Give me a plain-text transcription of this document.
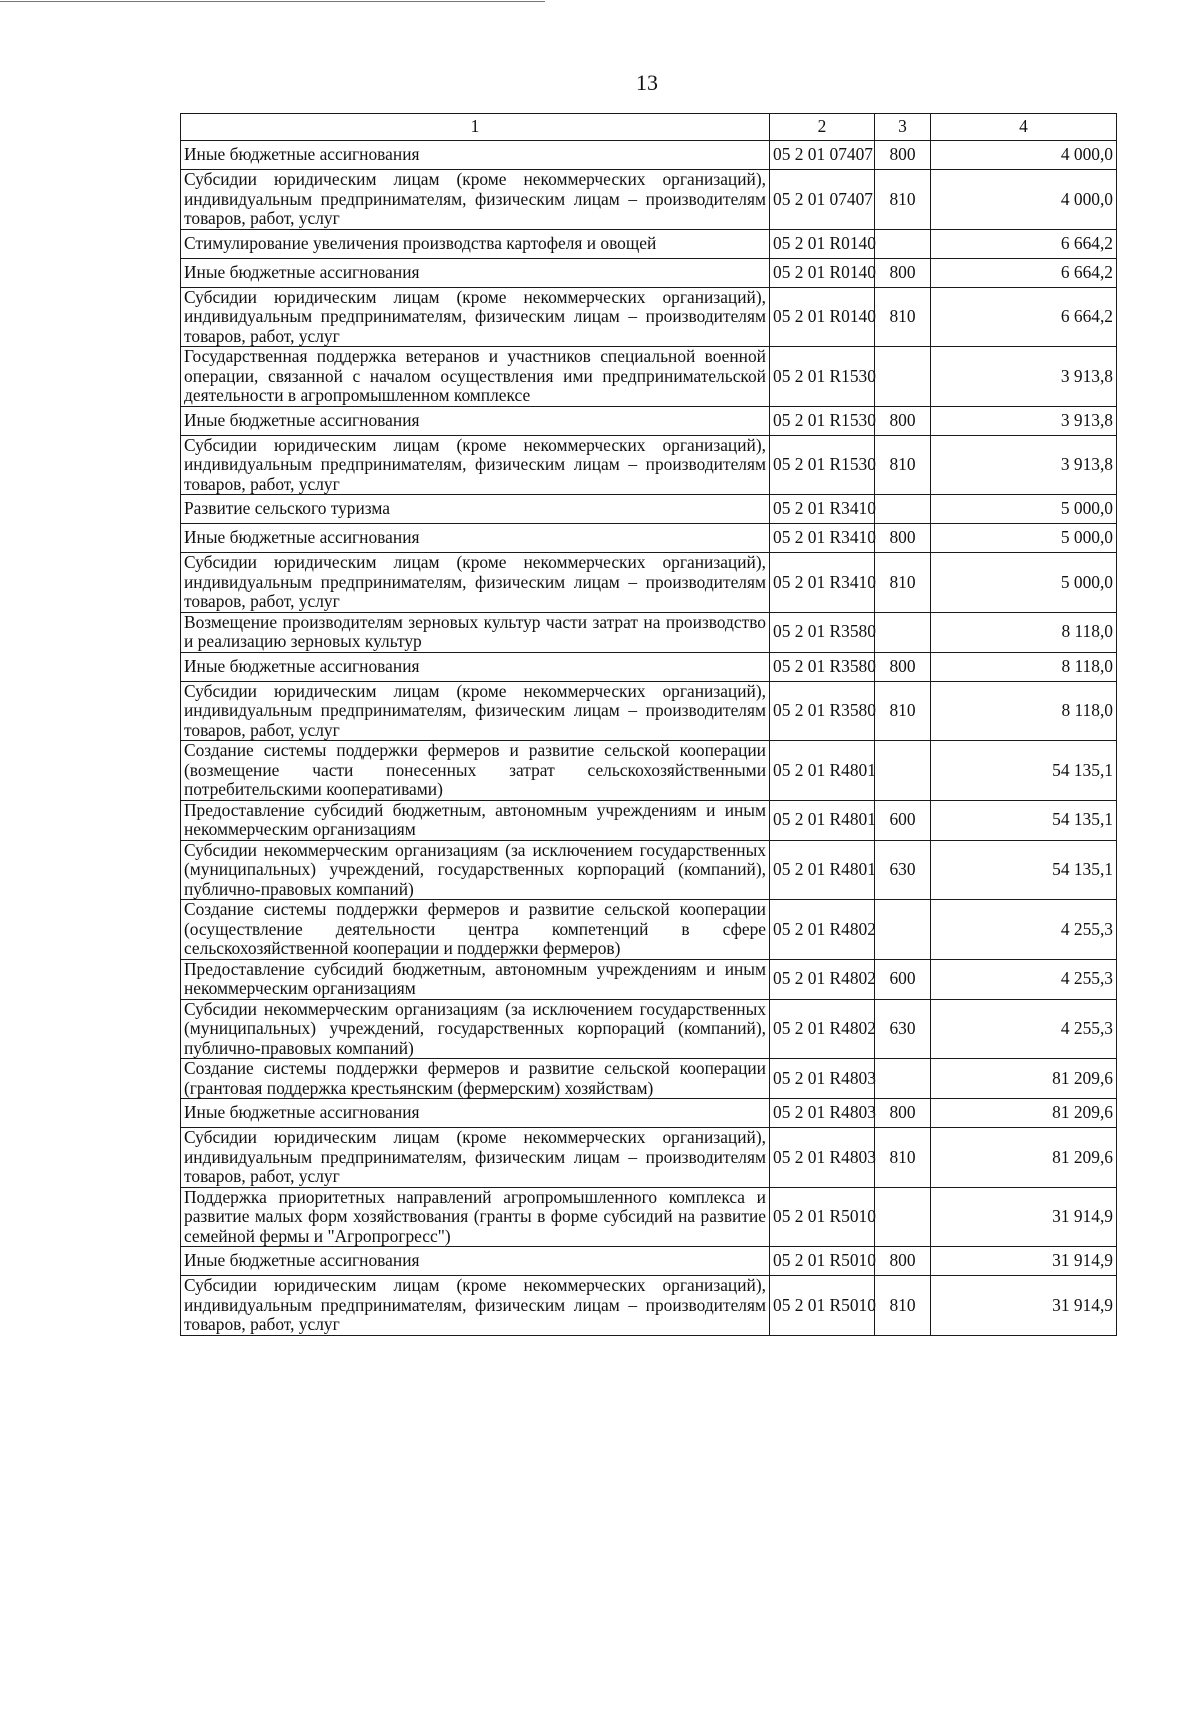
13
1	2	3	4
Иные бюджетные ассигнования	05 2 01 07407	800	4 000,0
Субсидии юридическим лицам (кроме некоммерческих организаций), индивидуальным предпринимателям, физическим лицам – производителям товаров, работ, услуг	05 2 01 07407	810	4 000,0
Стимулирование увеличения производства картофеля и овощей	05 2 01 R0140		6 664,2
Иные бюджетные ассигнования	05 2 01 R0140	800	6 664,2
Субсидии юридическим лицам (кроме некоммерческих организаций), индивидуальным предпринимателям, физическим лицам – производителям товаров, работ, услуг	05 2 01 R0140	810	6 664,2
Государственная поддержка ветеранов и участников специальной военной операции, связанной с началом осуществления ими предпринимательской деятельности в агропромышленном комплексе	05 2 01 R1530		3 913,8
Иные бюджетные ассигнования	05 2 01 R1530	800	3 913,8
Субсидии юридическим лицам (кроме некоммерческих организаций), индивидуальным предпринимателям, физическим лицам – производителям товаров, работ, услуг	05 2 01 R1530	810	3 913,8
Развитие сельского туризма	05 2 01 R3410		5 000,0
Иные бюджетные ассигнования	05 2 01 R3410	800	5 000,0
Субсидии юридическим лицам (кроме некоммерческих организаций), индивидуальным предпринимателям, физическим лицам – производителям товаров, работ, услуг	05 2 01 R3410	810	5 000,0
Возмещение производителям зерновых культур части затрат на производство и реализацию зерновых культур	05 2 01 R3580		8 118,0
Иные бюджетные ассигнования	05 2 01 R3580	800	8 118,0
Субсидии юридическим лицам (кроме некоммерческих организаций), индивидуальным предпринимателям, физическим лицам – производителям товаров, работ, услуг	05 2 01 R3580	810	8 118,0
Создание системы поддержки фермеров и развитие сельской кооперации (возмещение части понесенных затрат сельскохозяйственными потребительскими кооперативами)	05 2 01 R4801		54 135,1
Предоставление субсидий бюджетным, автономным учреждениям и иным некоммерческим организациям	05 2 01 R4801	600	54 135,1
Субсидии некоммерческим организациям (за исключением государственных (муниципальных) учреждений, государственных корпораций (компаний), публично-правовых компаний)	05 2 01 R4801	630	54 135,1
Создание системы поддержки фермеров и развитие сельской кооперации (осуществление деятельности центра компетенций в сфере сельскохозяйственной кооперации и поддержки фермеров)	05 2 01 R4802		4 255,3
Предоставление субсидий бюджетным, автономным учреждениям и иным некоммерческим организациям	05 2 01 R4802	600	4 255,3
Субсидии некоммерческим организациям (за исключением государственных (муниципальных) учреждений, государственных корпораций (компаний), публично-правовых компаний)	05 2 01 R4802	630	4 255,3
Создание системы поддержки фермеров и развитие сельской кооперации (грантовая поддержка крестьянским (фермерским) хозяйствам)	05 2 01 R4803		81 209,6
Иные бюджетные ассигнования	05 2 01 R4803	800	81 209,6
Субсидии юридическим лицам (кроме некоммерческих организаций), индивидуальным предпринимателям, физическим лицам – производителям товаров, работ, услуг	05 2 01 R4803	810	81 209,6
Поддержка приоритетных направлений агропромышленного комплекса и развитие малых форм хозяйствования (гранты в форме субсидий на развитие семейной фермы и "Агропрогресс")	05 2 01 R5010		31 914,9
Иные бюджетные ассигнования	05 2 01 R5010	800	31 914,9
Субсидии юридическим лицам (кроме некоммерческих организаций), индивидуальным предпринимателям, физическим лицам – производителям товаров, работ, услуг	05 2 01 R5010	810	31 914,9
